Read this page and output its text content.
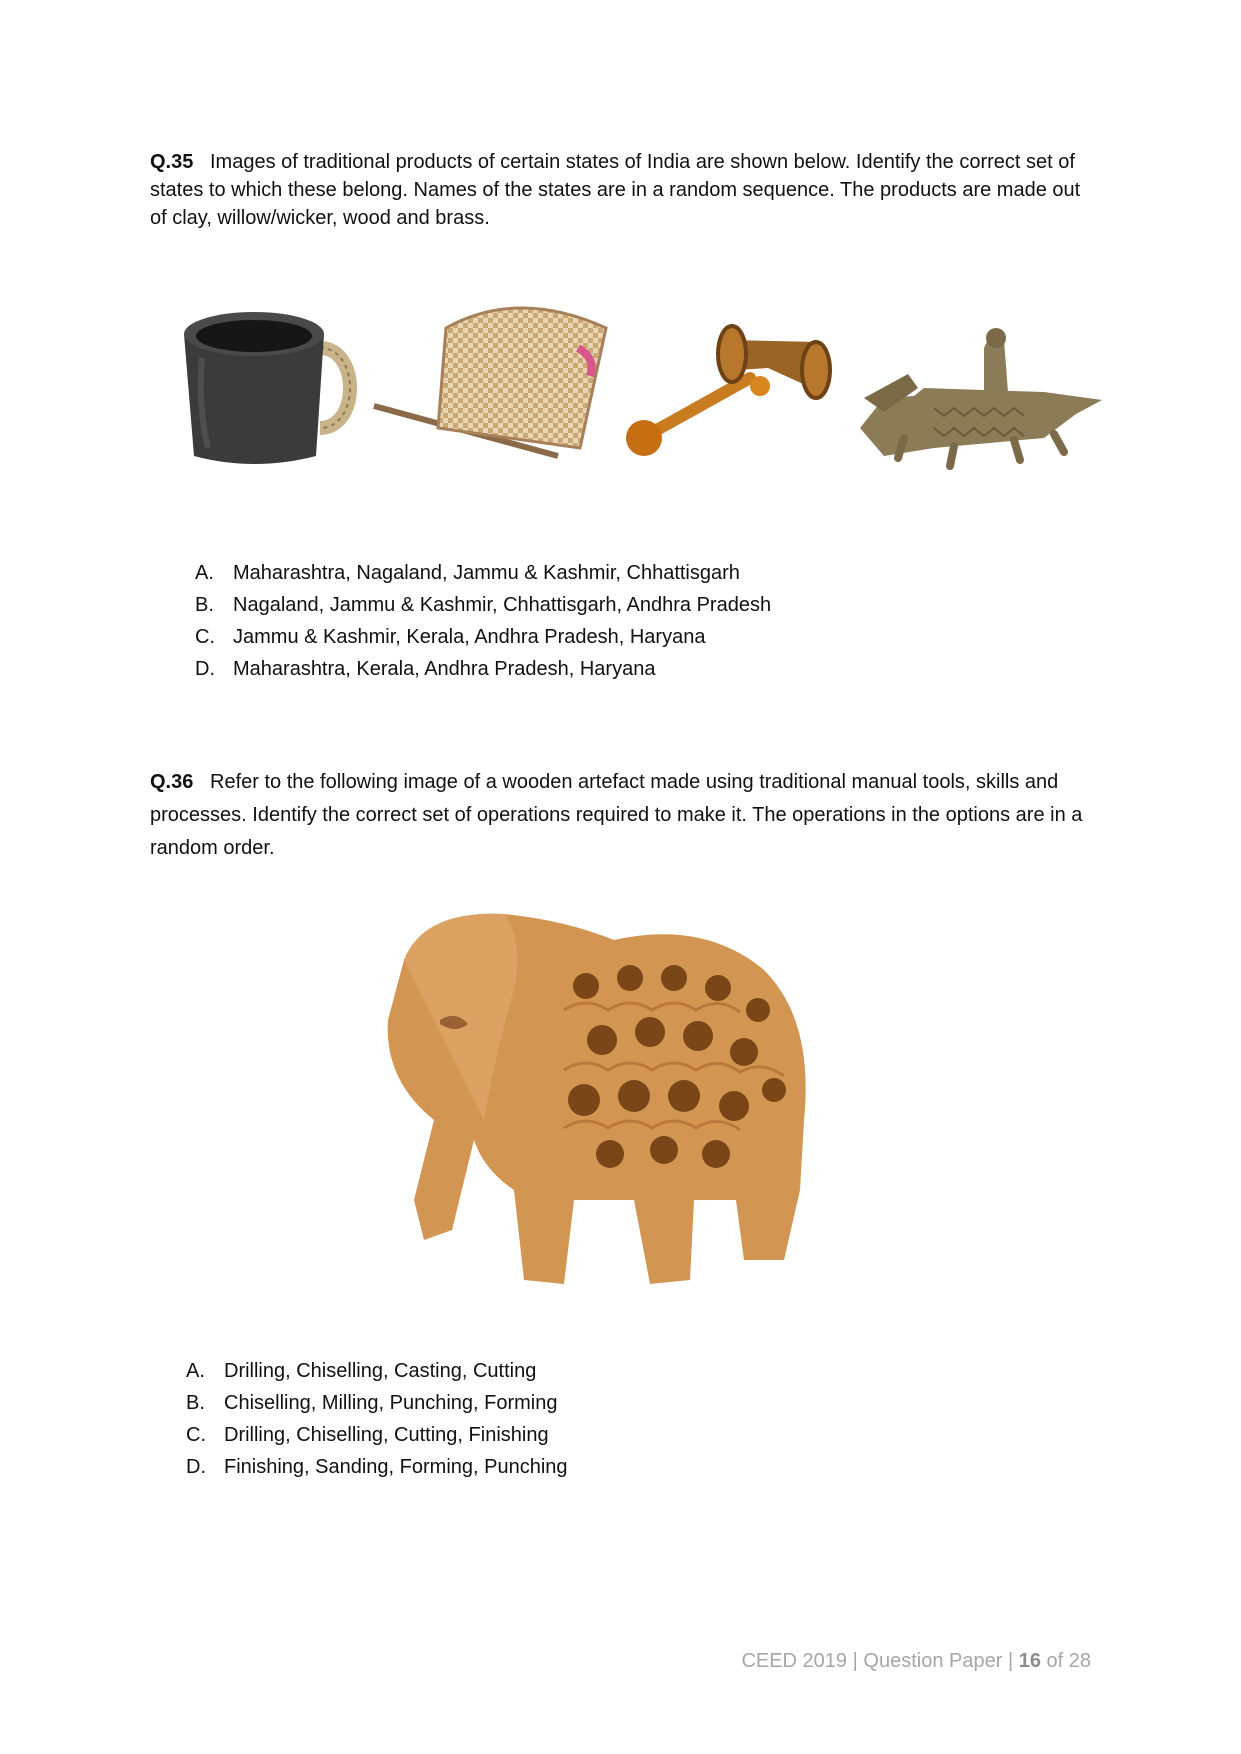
Q.35 Images of traditional products of certain states of India are shown below. Identify the correct set of states to which these belong. Names of the states are in a random sequence. The products are made out of clay, willow/wicker, wood and brass.
A. Maharashtra, Nagaland, Jammu & Kashmir, Chhattisgarh
B. Nagaland, Jammu & Kashmir, Chhattisgarh, Andhra Pradesh
C. Jammu & Kashmir, Kerala, Andhra Pradesh, Haryana
D. Maharashtra, Kerala, Andhra Pradesh, Haryana
Q.36 Refer to the following image of a wooden artefact made using traditional manual tools, skills and processes. Identify the correct set of operations required to make it. The operations in the options are in a random order.
A. Drilling, Chiselling, Casting, Cutting
B. Chiselling, Milling, Punching, Forming
C. Drilling, Chiselling, Cutting, Finishing
D. Finishing, Sanding, Forming, Punching
CEED 2019 | Question Paper | 16 of 28
